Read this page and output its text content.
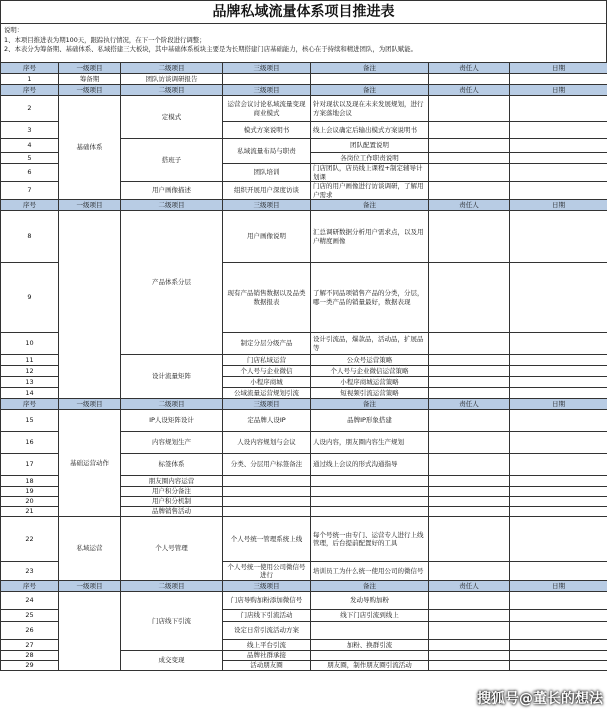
品牌私域流量体系项目推进表
说明：
1、本项目推进表为期100天，跟踪执行情况，在下一个阶段进行调整；
2、本表分为筹备期、基础体系、私域搭建三大板块，其中基础体系板块主要是为长期搭建门店基础能力，核心在于持续和精进团队，为团队赋能。
序号	一级项目	二级项目	三级项目	备注	责任人	日期
1	筹备期	团队访谈调研报告				
序号	一级项目	二级项目	三级项目	备注	责任人	日期
2	基础体系	定模式	运营会议讨论私域流量变现商业模式	针对现状以及现在未来发展规划，进行方案落地会议		
3			模式方案说明书	线上会议确定后输出模式方案说明书		
4		搭班子	私域流量布局与职责	团队配置说明		
5				各岗位工作职责说明		
6			团队培训	门店团队，店员线上课程+制定辅导计划课		
7		用户画像描述	组织开展用户深度访谈	门店的用户画像进行访谈调研，了解用户需求		
序号	一级项目	二级项目	三级项目	备注	责任人	日期
8		产品体系分层	用户画像说明	汇总调研数据分析用户需求点，以及用户精度画像		
9			现有产品销售数据以及品类数据报表	了解不同品项销售产品的分类，分层，哪一类产品的销量最好，数据表现		
10			制定分层分级产品	设计引流品，爆款品，活动品，扩展品等		
11		设计流量矩阵	门店私域运营	公众号运营策略		
12			个人号与企业微信	个人号与企业微信运营策略		
13			小程序商城	小程序商城运营策略		
14			公域流量运营规划引流	短视频引流运营策略		
序号	一级项目	二级项目	三级项目	备注	责任人	日期
15	基础运营动作	IP人设矩阵设计	定品牌人设IP	品牌IP形象搭建		
16		内容规划生产	人设内容规划与会议	人设内容，朋友圈内容生产规划		
17		标签体系	分类、分层用户标签备注	通过线上会议的形式沟通指导		
18		朋友圈内容运营				
19		用户积分备注				
20		用户积分机制				
21		品牌销售活动				
22	私域运营	个人号管理	个人号统一管理系统上线	每个号统一由专门、运营专人进行上线管理，后台提前配置好的工具		
23			个人号统一使用公司微信号进行	培训员工为什么统一使用公司的微信号		
序号	一级项目	二级项目	三级项目	备注	责任人	日期
24		门店线下引流	门店导购加粉添加微信号	发动导购加粉		
25			门店线下引流活动	线下门店引流到线上		
26			设定日常引流活动方案			
27			线上平台引流	加粉、换群引流		
28		成交变现	品牌社群承接			
29			活动朋友圈	朋友圈，制作朋友圈引流活动		
搜狐号@董长的想法
